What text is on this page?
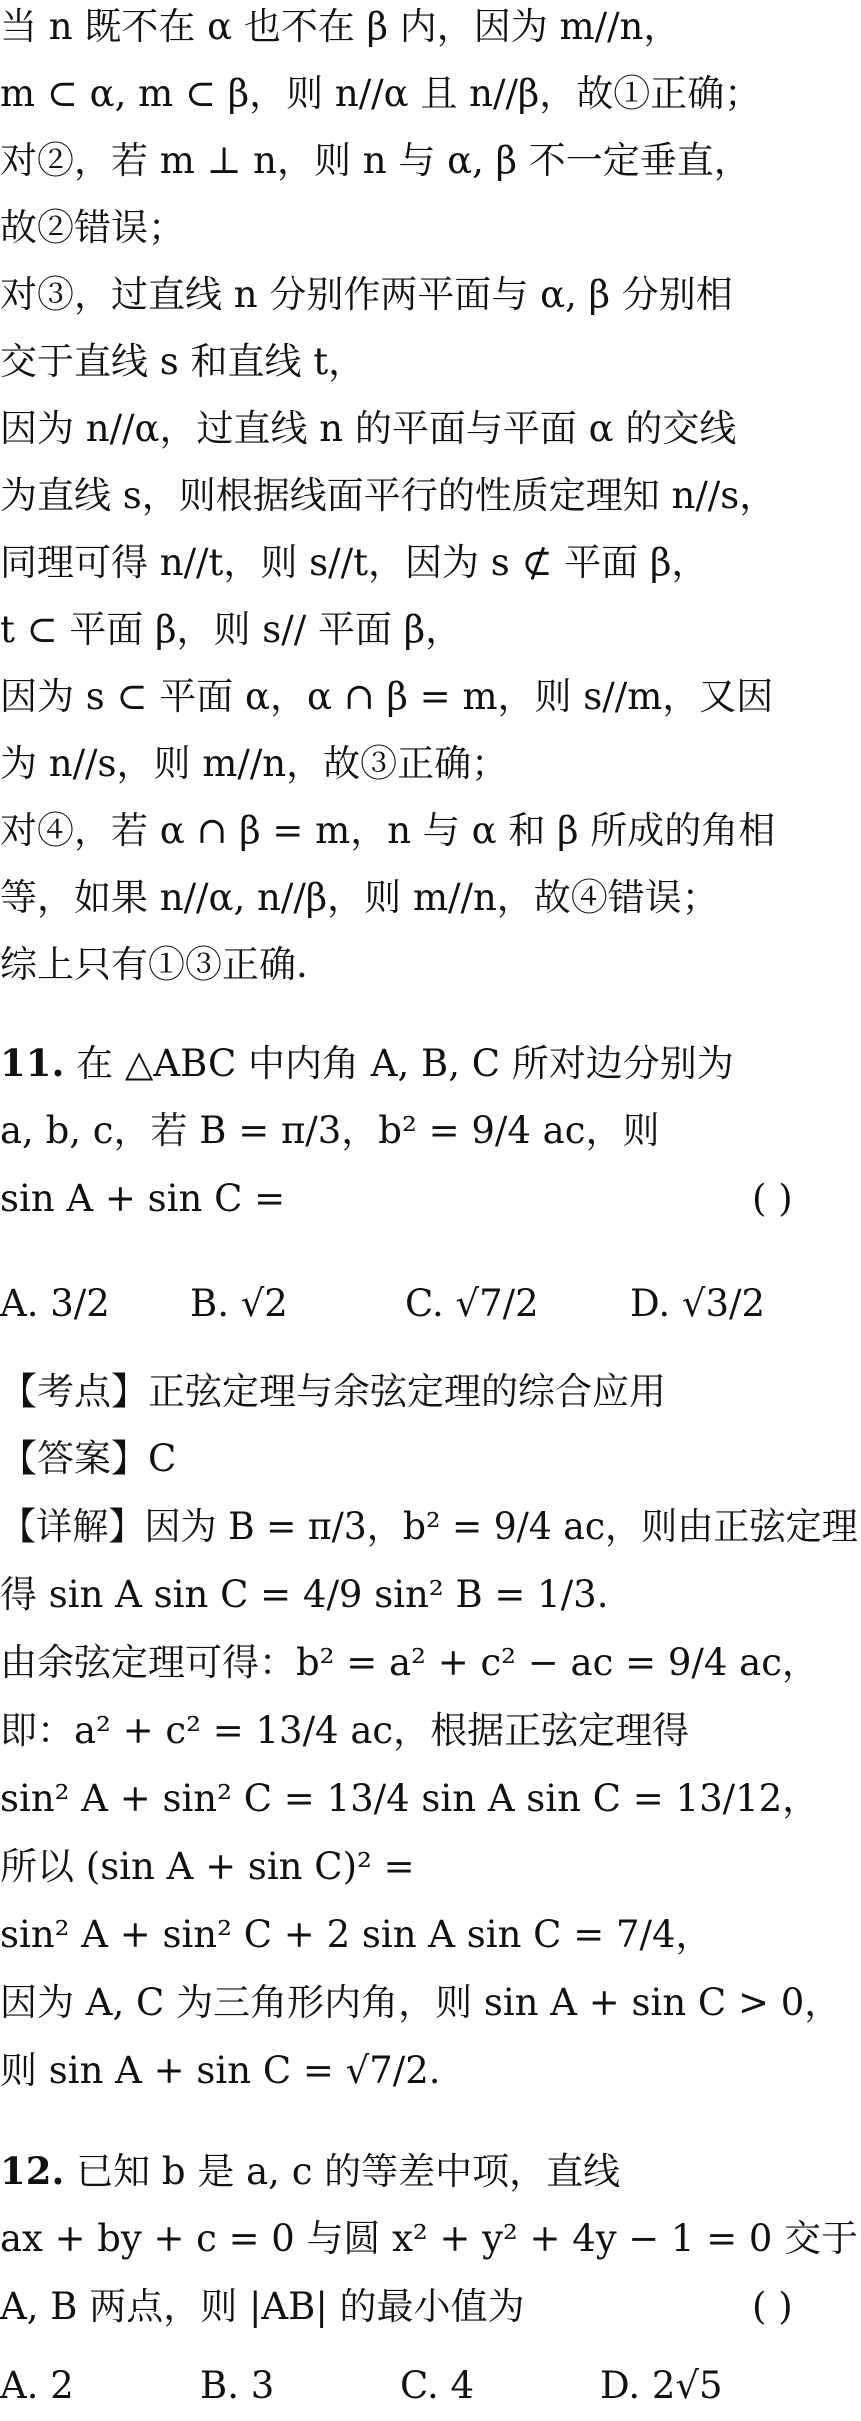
当 n 既不在 α 也不在 β 内，因为 m//n，
m ⊂ α, m ⊂ β，则 n//α 且 n//β，故①正确；
对②，若 m ⊥ n，则 n 与 α, β 不一定垂直，
故②错误；
对③，过直线 n 分别作两平面与 α, β 分别相
交于直线 s 和直线 t，
因为 n//α，过直线 n 的平面与平面 α 的交线
为直线 s，则根据线面平行的性质定理知 n//s，
同理可得 n//t，则 s//t，因为 s ⊄ 平面 β，
t ⊂ 平面 β，则 s// 平面 β，
因为 s ⊂ 平面 α，α ∩ β = m，则 s//m，又因
为 n//s，则 m//n，故③正确；
对④，若 α ∩ β = m，n 与 α 和 β 所成的角相
等，如果 n//α, n//β，则 m//n，故④错误；
综上只有①③正确.
11. 在 △ABC 中内角 A, B, C 所对边分别为
a, b, c，若 B = π/3，b² = 9/4 ac，则
sin A + sin C =	( )
A. 3/2 B. √2	C. √7/2 D. √3/2
【考点】正弦定理与余弦定理的综合应用
【答案】C
【详解】因为 B = π/3，b² = 9/4 ac，则由正弦定理
得 sin A sin C = 4/9 sin² B = 1/3.
由余弦定理可得：b² = a² + c² − ac = 9/4 ac，
即：a² + c² = 13/4 ac，根据正弦定理得
sin² A + sin² C = 13/4 sin A sin C = 13/12，
所以 (sin A + sin C)² =
sin² A + sin² C + 2 sin A sin C = 7/4，
因为 A, C 为三角形内角，则 sin A + sin C > 0，
则 sin A + sin C = √7/2.
12. 已知 b 是 a, c 的等差中项，直线
ax + by + c = 0 与圆 x² + y² + 4y − 1 = 0 交于
A, B 两点，则 |AB| 的最小值为	( )
A. 2	B. 3	C. 4	D. 2√5
